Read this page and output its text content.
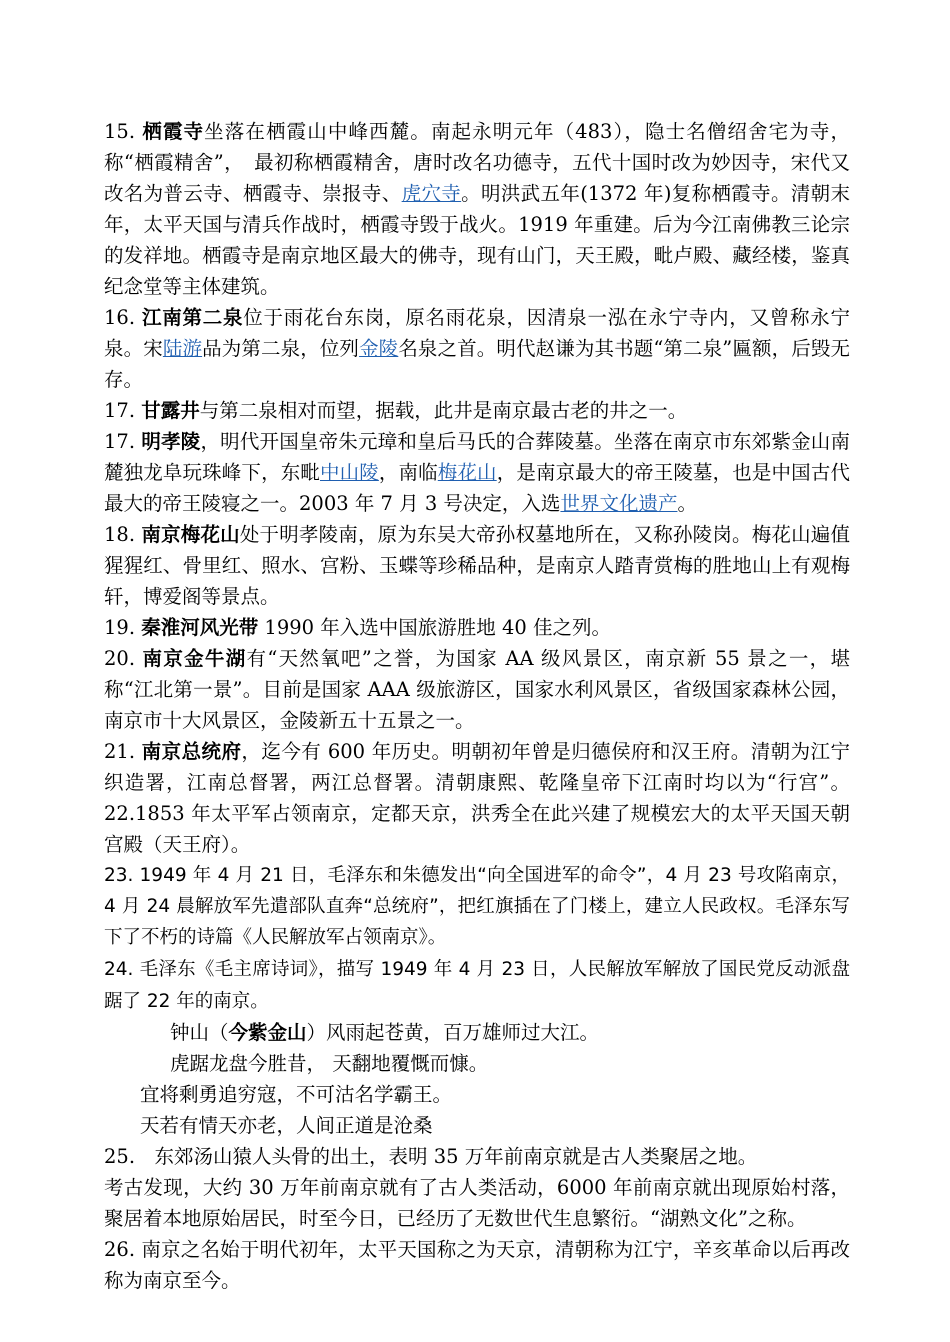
15. 栖霞寺坐落在栖霞山中峰西麓。南起永明元年（483），隐士名僧绍舍宅为寺，称“栖霞精舍”，　最初称栖霞精舍，唐时改名功德寺，五代十国时改为妙因寺，宋代又改名为普云寺、栖霞寺、崇报寺、虎穴寺。明洪武五年(1372 年)复称栖霞寺。清朝末年，太平天国与清兵作战时，栖霞寺毁于战火。1919 年重建。后为今江南佛教三论宗的发祥地。栖霞寺是南京地区最大的佛寺，现有山门，天王殿，毗卢殿、藏经楼，鉴真纪念堂等主体建筑。

16. 江南第二泉位于雨花台东岗，原名雨花泉，因清泉一泓在永宁寺内，又曾称永宁泉。宋陆游品为第二泉，位列金陵名泉之首。明代赵谦为其书题“第二泉”匾额，后毁无存。

17. 甘露井与第二泉相对而望，据载，此井是南京最古老的井之一。

17. 明孝陵，明代开国皇帝朱元璋和皇后马氏的合葬陵墓。坐落在南京市东郊紫金山南麓独龙阜玩珠峰下，东毗中山陵，南临梅花山，是南京最大的帝王陵墓，也是中国古代最大的帝王陵寝之一。2003 年 7 月 3 号决定，入选世界文化遗产。

18. 南京梅花山处于明孝陵南，原为东吴大帝孙权墓地所在，又称孙陵岗。梅花山遍值猩猩红、骨里红、照水、宫粉、玉蝶等珍稀品种，是南京人踏青赏梅的胜地山上有观梅轩，博爱阁等景点。

19. 秦淮河风光带 1990 年入选中国旅游胜地 40 佳之列。

20. 南京金牛湖有“天然氧吧”之誉，为国家 AA 级风景区，南京新 55 景之一，堪称“江北第一景”。目前是国家 AAA 级旅游区，国家水利风景区，省级国家森林公园，南京市十大风景区，金陵新五十五景之一。

21. 南京总统府，迄今有 600 年历史。明朝初年曾是归德侯府和汉王府。清朝为江宁织造署，江南总督署，两江总督署。清朝康熙、乾隆皇帝下江南时均以为“行宫”。22.1853 年太平军占领南京，定都天京，洪秀全在此兴建了规模宏大的太平天国天朝宫殿（天王府）。

23. 1949 年 4 月 21 日，毛泽东和朱德发出“向全国进军的命令”，4 月 23 号攻陷南京，4 月 24 晨解放军先遣部队直奔“总统府”，把红旗插在了门楼上，建立人民政权。毛泽东写下了不朽的诗篇《人民解放军占领南京》。

24. 毛泽东《毛主席诗词》，描写 1949 年 4 月 23 日，人民解放军解放了国民党反动派盘踞了 22 年的南京。

钟山（今紫金山）风雨起苍黄，百万雄师过大江。
虎踞龙盘今胜昔， 天翻地覆慨而慷。
宜将剩勇追穷寇，不可沽名学霸王。
天若有情天亦老，人间正道是沧桑

25.　东郊汤山猿人头骨的出土，表明 35 万年前南京就是古人类聚居之地。
考古发现，大约 30 万年前南京就有了古人类活动，6000 年前南京就出现原始村落，聚居着本地原始居民，时至今日，已经历了无数世代生息繁衍。“湖熟文化”之称。

26. 南京之名始于明代初年，太平天国称之为天京，清朝称为江宁，辛亥革命以后再改称为南京至今。
